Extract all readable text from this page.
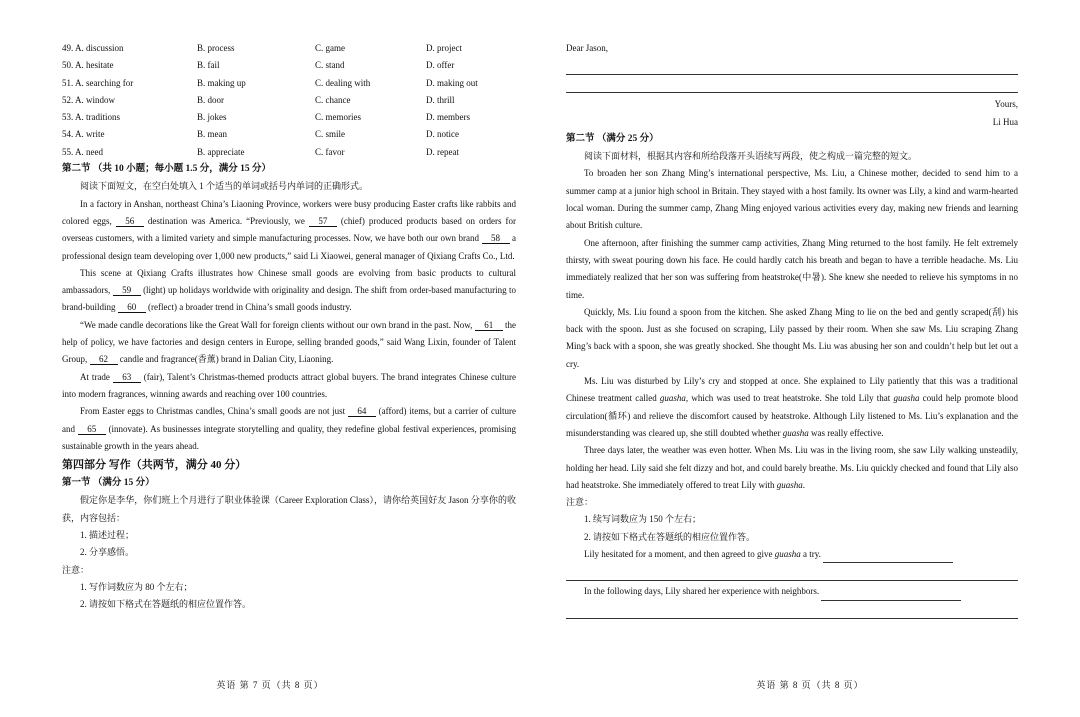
49. A. discussion	B. process	C. game	D. project
50. A. hesitate	B. fail	C. stand	D. offer
51. A. searching for	B. making up	C. dealing with	D. making out
52. A. window	B. door	C. chance	D. thrill
53. A. traditions	B. jokes	C. memories	D. members
54. A. write	B. mean	C. smile	D. notice
55. A. need	B. appreciate	C. favor	D. repeat

第二节 （共 10 小题；每小题 1.5 分，满分 15 分）

阅读下面短文，在空白处填入 1 个适当的单词或括号内单词的正确形式。

In a factory in Anshan, northeast China’s Liaoning Province, workers were busy producing Easter crafts like rabbits and colored eggs, 56 destination was America. “Previously, we 57 (chief) produced products based on orders for overseas customers, with a limited variety and simple manufacturing processes. Now, we have both our own brand 58 a professional design team developing over 1,000 new products,” said Li Xiaowei, general manager of Qixiang Crafts Co., Ltd.

This scene at Qixiang Crafts illustrates how Chinese small goods are evolving from basic products to cultural ambassadors, 59 (light) up holidays worldwide with originality and design. The shift from order-based manufacturing to brand-building 60 (reflect) a broader trend in China’s small goods industry.

“We made candle decorations like the Great Wall for foreign clients without our own brand in the past. Now, 61 the help of policy, we have factories and design centers in Europe, selling branded goods,” said Wang Lixin, founder of Talent Group, 62 candle and fragrance(香薰) brand in Dalian City, Liaoning.

At trade 63 (fair), Talent’s Christmas-themed products attract global buyers. The brand integrates Chinese culture into modern fragrances, winning awards and reaching over 100 countries.

From Easter eggs to Christmas candles, China’s small goods are not just 64 (afford) items, but a carrier of culture and 65 (innovate). As businesses integrate storytelling and quality, they redefine global festival experiences, promising sustainable growth in the years ahead.

第四部分 写作（共两节，满分 40 分）

第一节 （满分 15 分）

假定你是李华，你们班上个月进行了职业体验课（Career Exploration Class），请你给英国好友 Jason 分享你的收获，内容包括：

1. 描述过程；

2. 分享感悟。

注意：

1. 写作词数应为 80 个左右；

2. 请按如下格式在答题纸的相应位置作答。

英语 第 7 页（共 8 页）

Dear Jason,

Yours,

Li Hua

第二节 （满分 25 分）

阅读下面材料，根据其内容和所给段落开头语续写两段，使之构成一篇完整的短文。

To broaden her son Zhang Ming’s international perspective, Ms. Liu, a Chinese mother, decided to send him to a summer camp at a junior high school in Britain. They stayed with a host family. Its owner was Lily, a kind and warm-hearted local woman. During the summer camp, Zhang Ming enjoyed various activities every day, making new friends and learning about British culture.

One afternoon, after finishing the summer camp activities, Zhang Ming returned to the host family. He felt extremely thirsty, with sweat pouring down his face. He could hardly catch his breath and began to have a terrible headache. Ms. Liu immediately realized that her son was suffering from heatstroke(中暑). She knew she needed to relieve his symptoms in no time.

Quickly, Ms. Liu found a spoon from the kitchen. She asked Zhang Ming to lie on the bed and gently scraped(刮) his back with the spoon. Just as she focused on scraping, Lily passed by their room. When she saw Ms. Liu scraping Zhang Ming’s back with a spoon, she was greatly shocked. She thought Ms. Liu was abusing her son and couldn’t help but let out a cry.

Ms. Liu was disturbed by Lily’s cry and stopped at once. She explained to Lily patiently that this was a traditional Chinese treatment called guasha, which was used to treat heatstroke. She told Lily that guasha could help promote blood circulation(循环) and relieve the discomfort caused by heatstroke. Although Lily listened to Ms. Liu’s explanation and the misunderstanding was cleared up, she still doubted whether guasha was really effective.

Three days later, the weather was even hotter. When Ms. Liu was in the living room, she saw Lily walking unsteadily, holding her head. Lily said she felt dizzy and hot, and could barely breathe. Ms. Liu quickly checked and found that Lily also had heatstroke. She immediately offered to treat Lily with guasha.

注意：

1. 续写词数应为 150 个左右；

2. 请按如下格式在答题纸的相应位置作答。

Lily hesitated for a moment, and then agreed to give guasha a try.

In the following days, Lily shared her experience with neighbors.

英语 第 8 页（共 8 页）
